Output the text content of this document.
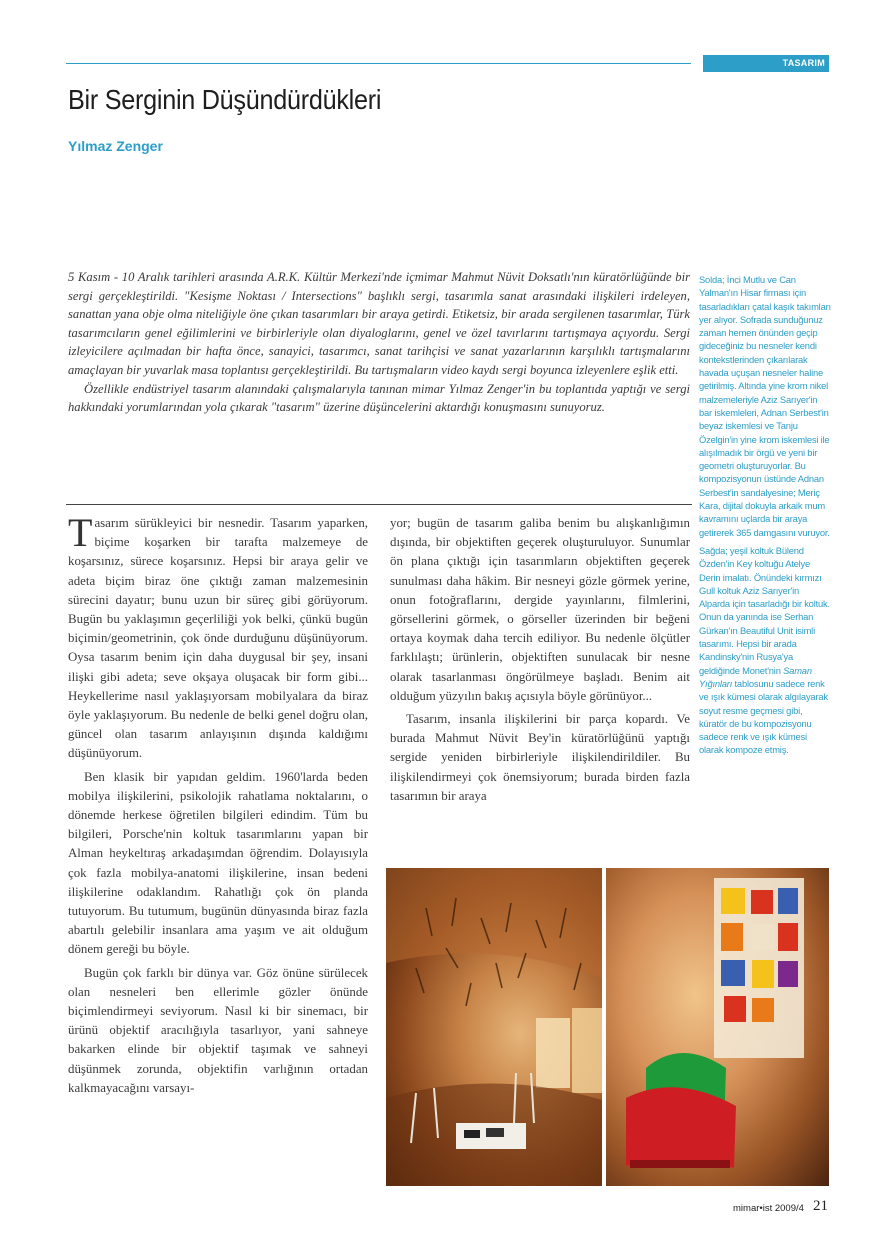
TASARIM
Bir Serginin Düşündürdükleri
Yılmaz Zenger

5 Kasım - 10 Aralık tarihleri arasında A.R.K. Kültür Merkezi'nde içmimar Mahmut Nüvit Doksatlı'nın küratörlüğünde bir sergi gerçekleştirildi. "Kesişme Noktası / Intersections" başlıklı sergi, tasarımla sanat arasındaki ilişkileri irdeleyen, sanattan yana obje olma niteliğiyle öne çıkan tasarımları bir araya getirdi. Etiketsiz, bir arada sergilenen tasarımlar, Türk tasarımcıların genel eğilimlerini ve birbirleriyle olan diyaloglarını, genel ve özel tavırlarını tartışmaya açıyordu. Sergi izleyicilere açılmadan bir hafta önce, sanayici, tasarımcı, sanat tarihçisi ve sanat yazarlarının karşılıklı tartışmalarını amaçlayan bir yuvarlak masa toplantısı gerçekleştirildi. Bu tartışmaların video kaydı sergi boyunca izleyenlere eşlik etti.

Özellikle endüstriyel tasarım alanındaki çalışmalarıyla tanınan mimar Yılmaz Zenger'in bu toplantıda yaptığı ve sergi hakkındaki yorumlarından yola çıkarak "tasarım" üzerine düşüncelerini aktardığı konuşmasını sunuyoruz.

Tasarım sürükleyici bir nesnedir. Tasarım yaparken, biçime koşarken bir tarafta malzemeye de koşarsınız, sürece koşarsınız. Hepsi bir araya gelir ve adeta biçim biraz öne çıktığı zaman malzemesinin sürecini dayatır; bunu uzun bir süreç gibi görüyorum. Bugün bu yaklaşımın geçerliliği yok belki, çünkü bugün biçimin/geometrinin, çok önde durduğunu düşünüyorum. Oysa tasarım benim için daha duygusal bir şey, insani ilişki gibi adeta; seve okşaya oluşacak bir form gibi... Heykellerime nasıl yaklaşıyorsam mobilyalara da biraz öyle yaklaşıyorum. Bu nedenle de belki genel doğru olan, güncel olan tasarım anlayışının dışında kaldığımı düşünüyorum.

Ben klasik bir yapıdan geldim. 1960'larda beden mobilya ilişkilerini, psikolojik rahatlama noktalarını, o dönemde herkese öğretilen bilgileri edindim. Tüm bu bilgileri, Porsche'nin koltuk tasarımlarını yapan bir Alman heykeltıraş arkadaşımdan öğrendim. Dolayısıyla çok fazla mobilya-anatomi ilişkilerine, insan bedeni ilişkilerine odaklandım. Rahatlığı çok ön planda tutuyorum. Bu tutumum, bugünün dünyasında biraz fazla abartılı gelebilir insanlara ama yaşım ve ait olduğum dönem gereği bu böyle.

Bugün çok farklı bir dünya var. Göz önüne sürülecek olan nesneleri ben ellerimle gözler önünde biçimlendirmeyi seviyorum. Nasıl ki bir sinemacı, bir ürünü objektif aracılığıyla tasarlıyor, yani sahneye bakarken elinde bir objektif taşımak ve sahneyi düşünmek zorunda, objektifin varlığının ortadan kalkmayacağını varsayı-

yor; bugün de tasarım galiba benim bu alışkanlığımın dışında, bir objektiften geçerek oluşturuluyor. Sunumlar ön plana çıktığı için tasarımların objektiften geçerek sunulması daha hâkim. Bir nesneyi gözle görmek yerine, onun fotoğraflarını, dergide yayınlarını, filmlerini, görsellerini görmek, o görseller üzerinden bir beğeni ortaya koymak daha tercih ediliyor. Bu nedenle ölçütler farklılaştı; ürünlerin, objektiften sunulacak bir nesne olarak tasarlanması öngörülmeye başladı. Benim ait olduğum yüzyılın bakış açısıyla böyle görünüyor...

Tasarım, insanla ilişkilerini bir parça kopardı. Ve burada Mahmut Nüvit Bey'in küratörlüğünü yaptığı sergide yeniden birbirleriyle ilişkilendirildiler. Bu ilişkilendirmeyi çok önemsiyorum; burada birden fazla tasarımın bir araya

Solda; İnci Mutlu ve Can Yalman'ın Hisar firması için tasarladıkları çatal kaşık takımları yer alıyor. Sofrada sunduğunuz zaman hemen önünden geçip gideceğiniz bu nesneler kendi kontekstlerinden çıkarılarak havada uçuşan nesneler haline getirilmiş. Altında yine krom nikel malzemeleriyle Aziz Sarıyer'in bar iskemleleri, Adnan Serbest'in beyaz iskemlesi ve Tanju Özelgin'in yine krom iskemlesi ile alışılmadık bir örgü ve yeni bir geometri oluşturuyorlar. Bu kompozisyonun üstünde Adnan Serbest'in sandalyesine; Meriç Kara, dijital dokuyla arkaik mum kavramını uçlarda bir araya getirerek 365 damgasını vuruyor.

Sağda; yeşil koltuk Bülend Özden'in Key koltuğu Atelye Derin imalatı. Önündeki kırmızı Gull koltuk Aziz Sarıyer'in Alparda için tasarladığı bir koltuk. Onun da yanında ise Serhan Gürkan'ın Beautiful Unit isimli tasarımı. Hepsi bir arada Kandinsky'nin Rusya'ya geldiğinde Monet'nin Saman Yığınları tablosunu sadece renk ve ışık kümesi olarak algılayarak soyut resme geçmesi gibi, küratör de bu kompozisyonu sadece renk ve ışık kümesi olarak kompoze etmiş.

mimar•ist 2009/4 21
